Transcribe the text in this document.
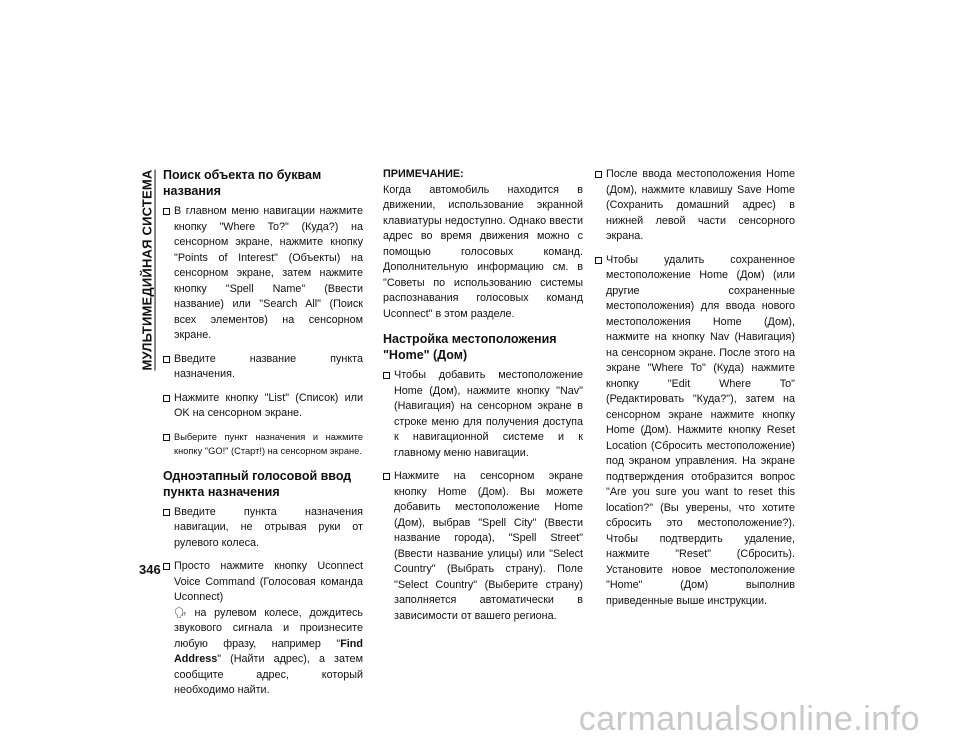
МУЛЬТИМЕДИЙНАЯ СИСТЕМА
346
Поиск объекта по буквам названия
В главном меню навигации нажмите кнопку "Where To?" (Куда?) на сенсорном экране, нажмите кнопку "Points of Interest" (Объекты) на сенсорном экране, затем нажмите кнопку "Spell Name" (Ввести название) или "Search All" (Поиск всех элементов) на сенсорном экране.
Введите название пункта назначения.
Нажмите кнопку "List" (Список) или OK на сенсорном экране.
Выберите пункт назначения и нажмите кнопку "GO!" (Старт!) на сенсорном экране.
Одноэтапный голосовой ввод пункта назначения
Введите пункта назначения навигации, не отрывая руки от рулевого колеса.
Просто нажмите кнопку Uconnect Voice Command (Голосовая команда Uconnect)
🗣 на рулевом колесе, дождитесь звукового сигнала и произнесите любую фразу, например "Find Address" (Найти адрес), а затем сообщите адрес, который необходимо найти.
ПРИМЕЧАНИЕ:

Когда автомобиль находится в движении, использование экранной клавиатуры недоступно. Однако ввести адрес во время движения можно с помощью голосовых команд. Дополнительную информацию см. в "Советы по использованию системы распознавания голосовых команд Uconnect" в этом разделе.

Настройка местоположения "Home" (Дом)
Чтобы добавить местоположение Home (Дом), нажмите кнопку "Nav" (Навигация) на сенсорном экране в строке меню для получения доступа к навигационной системе и к главному меню навигации.
Нажмите на сенсорном экране кнопку Home (Дом). Вы можете добавить местоположение Home (Дом), выбрав "Spell City" (Ввести название города), "Spell Street" (Ввести название улицы) или "Select Country" (Выбрать страну). Поле "Select Country" (Выберите страну) заполняется автоматически в зависимости от вашего региона.
После ввода местоположения Home (Дом), нажмите клавишу Save Home (Сохранить домашний адрес) в нижней левой части сенсорного экрана.
Чтобы удалить сохраненное местоположение Home (Дом) (или другие сохраненные местоположения) для ввода нового местоположения Home (Дом), нажмите на кнопку Nav (Навигация) на сенсорном экране. После этого на экране "Where To" (Куда) нажмите кнопку "Edit Where To" (Редактировать "Куда?"), затем на сенсорном экране нажмите кнопку Home (Дом). Нажмите кнопку Reset Location (Сбросить местоположение) под экраном управления. На экране подтверждения отобразится вопрос "Are you sure you want to reset this location?" (Вы уверены, что хотите сбросить это местоположение?). Чтобы подтвердить удаление, нажмите "Reset" (Сбросить). Установите новое местоположение "Home" (Дом) выполнив приведенные выше инструкции.
carmanualsonline.info
